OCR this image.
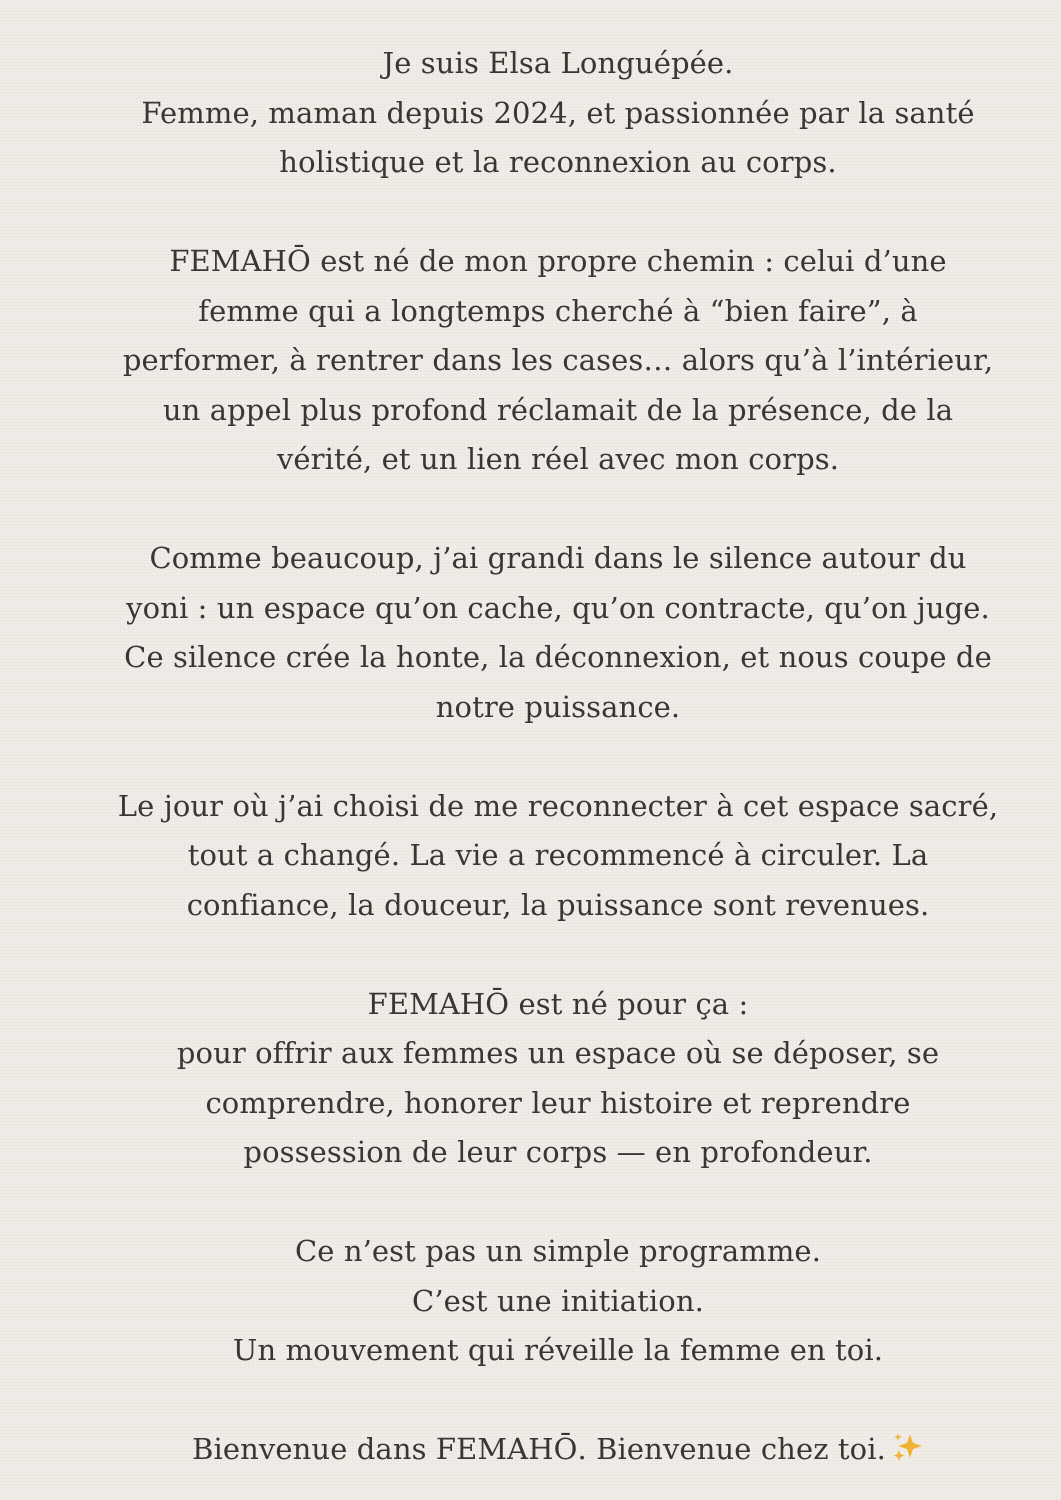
Je suis Elsa Longuépée.
Femme, maman depuis 2024, et passionnée par la santé
holistique et la reconnexion au corps.

FEMAHŌ est né de mon propre chemin : celui d’une
femme qui a longtemps cherché à “bien faire”, à
performer, à rentrer dans les cases… alors qu’à l’intérieur,
un appel plus profond réclamait de la présence, de la
vérité, et un lien réel avec mon corps.

Comme beaucoup, j’ai grandi dans le silence autour du
yoni : un espace qu’on cache, qu’on contracte, qu’on juge.
Ce silence crée la honte, la déconnexion, et nous coupe de
notre puissance.

Le jour où j’ai choisi de me reconnecter à cet espace sacré,
tout a changé. La vie a recommencé à circuler. La
confiance, la douceur, la puissance sont revenues.

FEMAHŌ est né pour ça :
pour offrir aux femmes un espace où se déposer, se
comprendre, honorer leur histoire et reprendre
possession de leur corps — en profondeur.

Ce n’est pas un simple programme.
C’est une initiation.
Un mouvement qui réveille la femme en toi.

Bienvenue dans FEMAHŌ. Bienvenue chez toi.
